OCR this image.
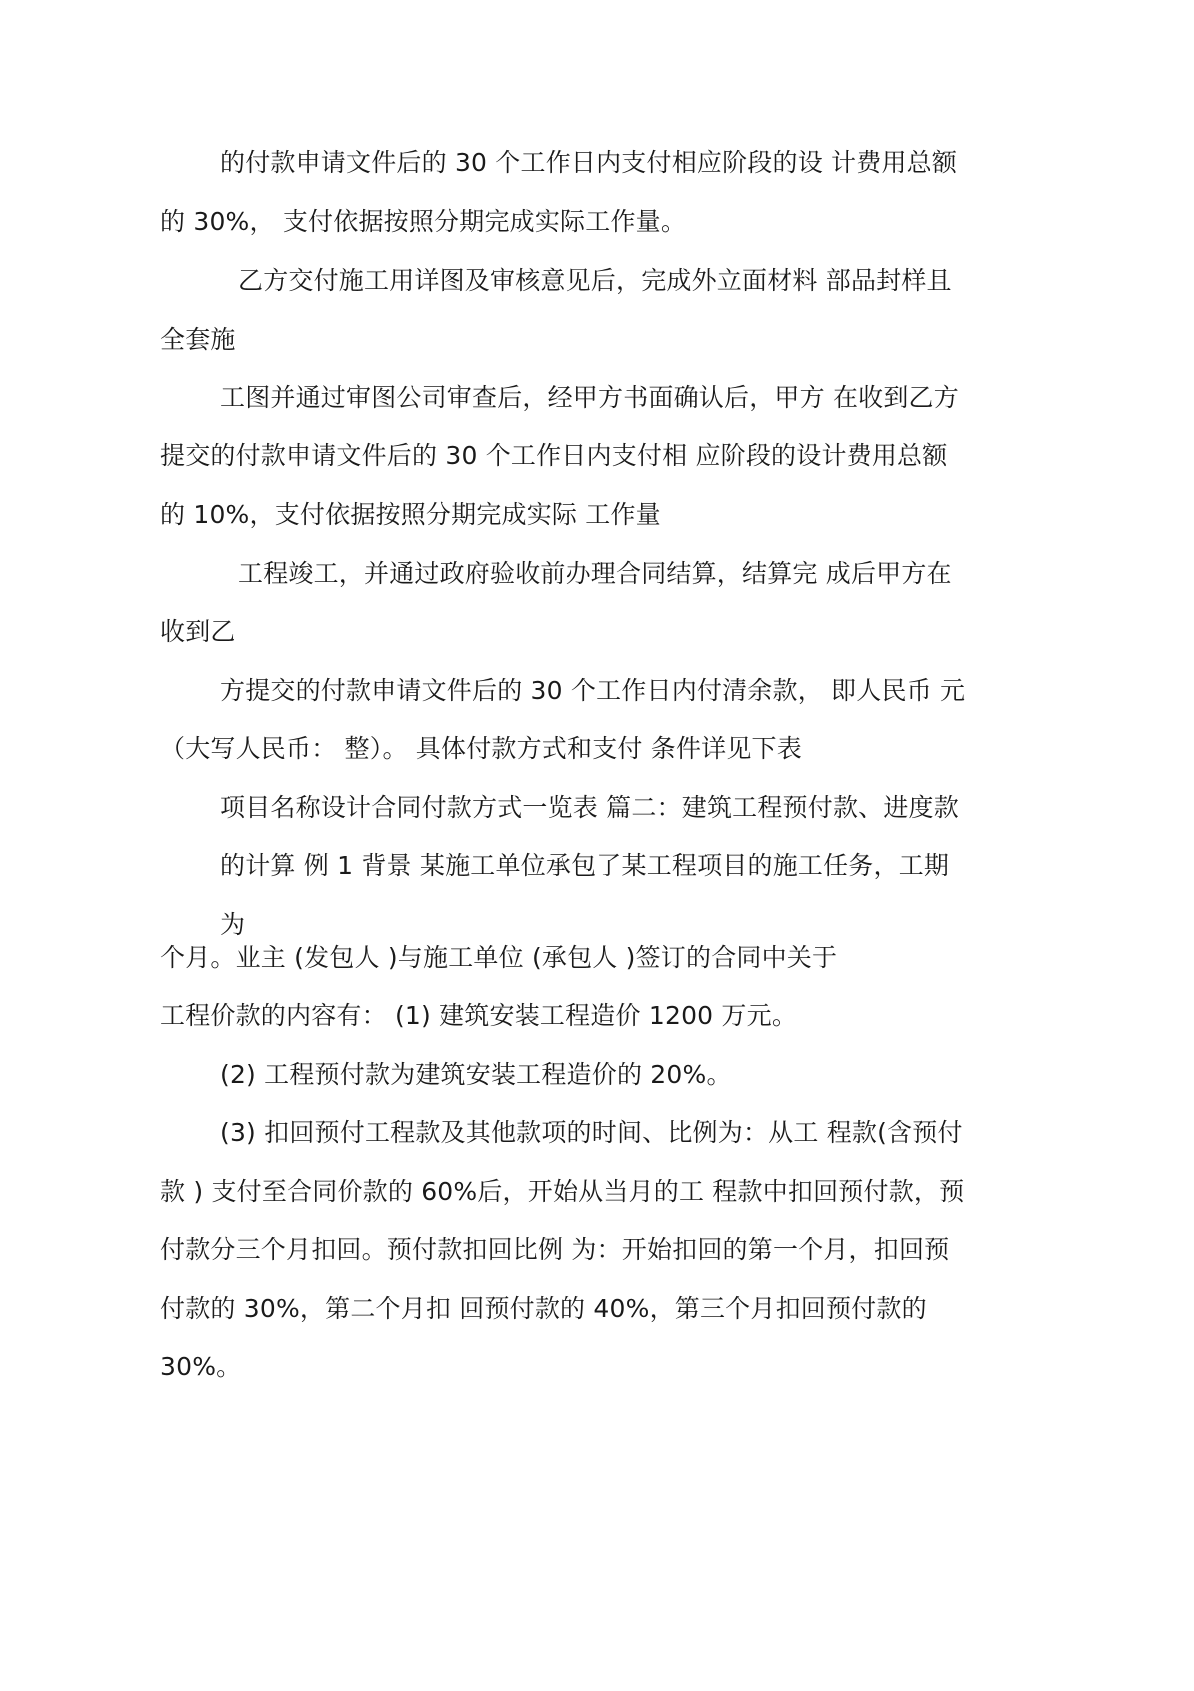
的付款申请文件后的 30 个工作日内支付相应阶段的设 计费用总额
的 30%， 支付依据按照分期完成实际工作量。
乙方交付施工用详图及审核意见后，完成外立面材料 部品封样且
全套施
工图并通过审图公司审查后，经甲方书面确认后，甲方 在收到乙方
提交的付款申请文件后的 30 个工作日内支付相 应阶段的设计费用总额
的 10%，支付依据按照分期完成实际 工作量
工程竣工，并通过政府验收前办理合同结算，结算完 成后甲方在
收到乙
方提交的付款申请文件后的 30 个工作日内付清余款， 即人民币 元
（大写人民币： 整）。 具体付款方式和支付 条件详见下表
项目名称设计合同付款方式一览表 篇二：建筑工程预付款、进度款
的计算 例 1 背景 某施工单位承包了某工程项目的施工任务，工期
为
个月。业主 (发包人 )与施工单位 (承包人 )签订的合同中关于
工程价款的内容有： (1) 建筑安装工程造价 1200 万元。
(2) 工程预付款为建筑安装工程造价的 20%。
(3) 扣回预付工程款及其他款项的时间、比例为：从工 程款(含预付
款 ) 支付至合同价款的 60%后，开始从当月的工 程款中扣回预付款，预
付款分三个月扣回。预付款扣回比例 为：开始扣回的第一个月，扣回预
付款的 30%，第二个月扣 回预付款的 40%，第三个月扣回预付款的
30%。
